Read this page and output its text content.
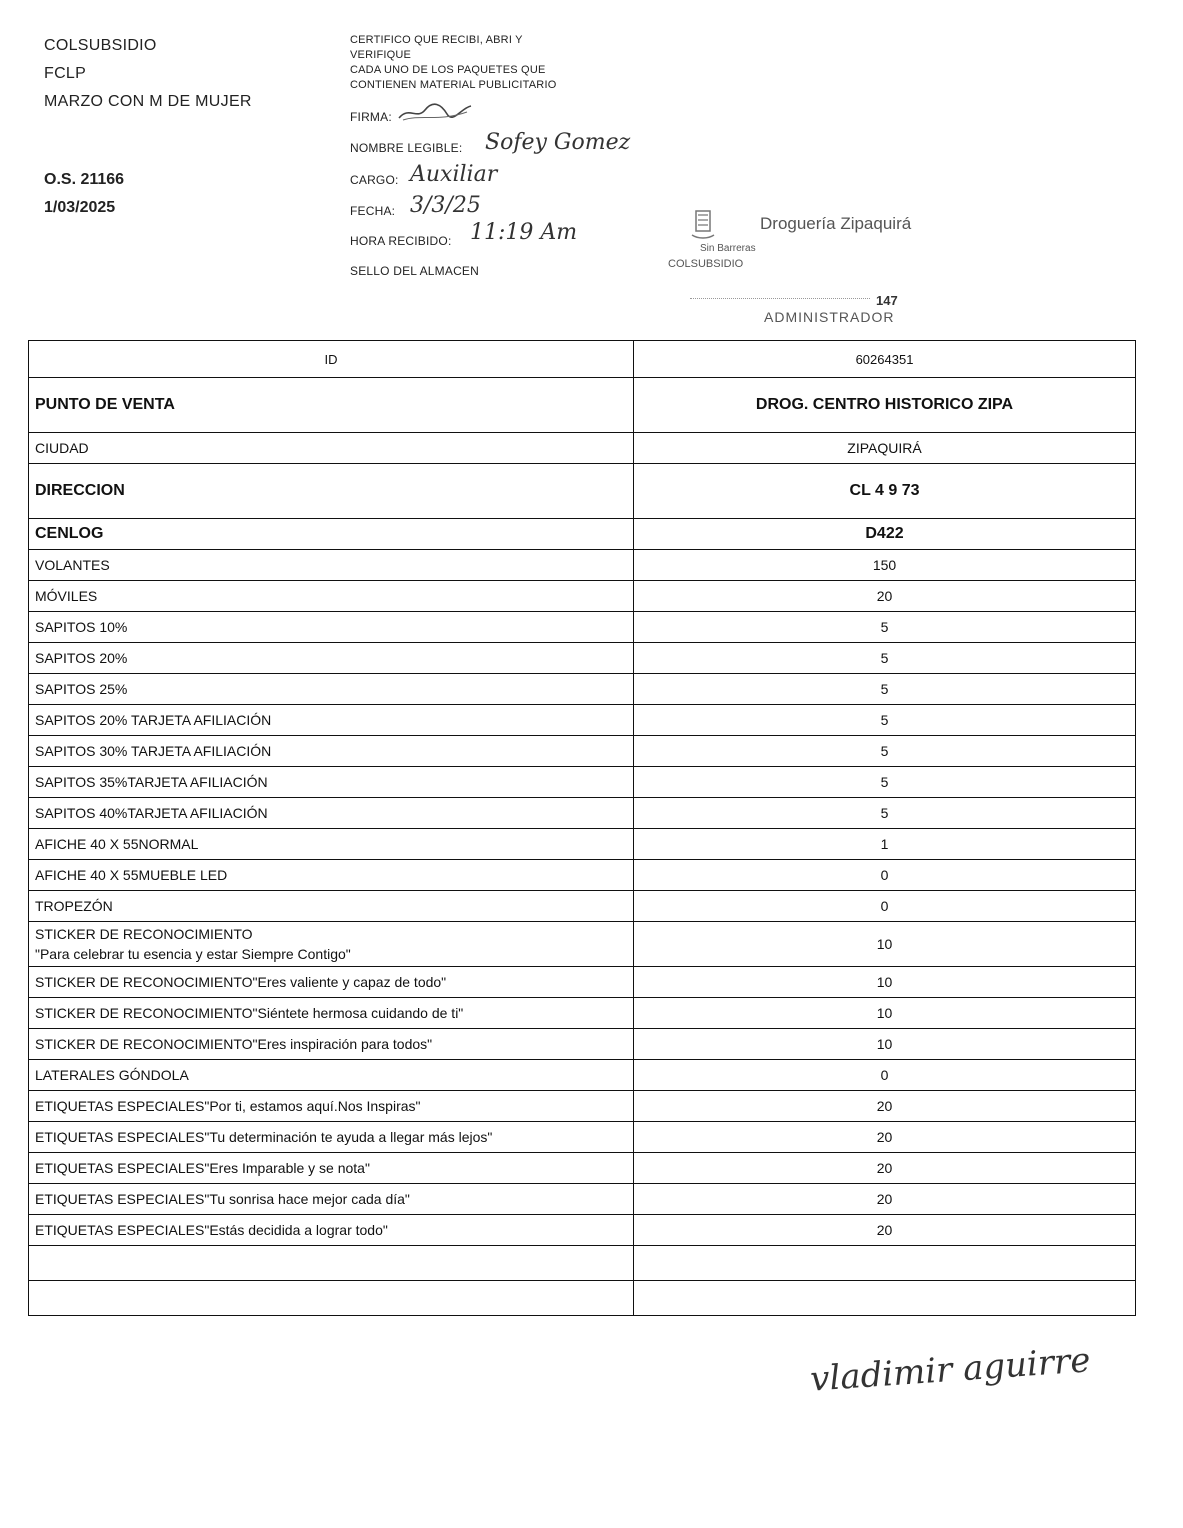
COLSUBSIDIO
FCLP
MARZO CON M DE MUJER
O.S. 21166
1/03/2025
CERTIFICO QUE RECIBI, ABRI Y
VERIFIQUE
CADA UNO DE LOS PAQUETES QUE
CONTIENEN MATERIAL PUBLICITARIO
FIRMA:
NOMBRE LEGIBLE: Sofey Gomez
CARGO: Auxiliar
FECHA: 3/3/25
HORA RECIBIDO: 11:19 Am
SELLO DEL ALMACEN
Droguería Zipaquirá
Sin Barreras
COLSUBSIDIO
147
ADMINISTRADOR
ID	60264351

PUNTO DE VENTA	DROG. CENTRO HISTORICO ZIPA

CIUDAD	ZIPAQUIRÁ

DIRECCION	CL 4 9 73

CENLOG	D422

VOLANTES	150

MÓVILES	20

SAPITOS 10%	5

SAPITOS 20%	5

SAPITOS 25%	5

SAPITOS 20% TARJETA AFILIACIÓN	5

SAPITOS 30% TARJETA AFILIACIÓN	5

SAPITOS 35%TARJETA AFILIACIÓN	5

SAPITOS 40%TARJETA AFILIACIÓN	5

AFICHE 40 X 55NORMAL	1

AFICHE 40 X 55MUEBLE LED	0

TROPEZÓN	0

STICKER DE RECONOCIMIENTO
"Para celebrar tu esencia y estar Siempre Contigo"	10

STICKER DE RECONOCIMIENTO"Eres valiente y capaz de todo"	10

STICKER DE RECONOCIMIENTO"Siéntete hermosa cuidando de ti"	10

STICKER DE RECONOCIMIENTO"Eres inspiración para todos"	10

LATERALES GÓNDOLA	0

ETIQUETAS ESPECIALES"Por ti, estamos aquí.Nos Inspiras"	20

ETIQUETAS ESPECIALES"Tu determinación te ayuda a llegar más lejos"	20

ETIQUETAS ESPECIALES"Eres Imparable y se nota"	20

ETIQUETAS ESPECIALES"Tu sonrisa hace mejor cada día"	20

ETIQUETAS ESPECIALES"Estás decidida a lograr todo"	20

vladimir aguirre
